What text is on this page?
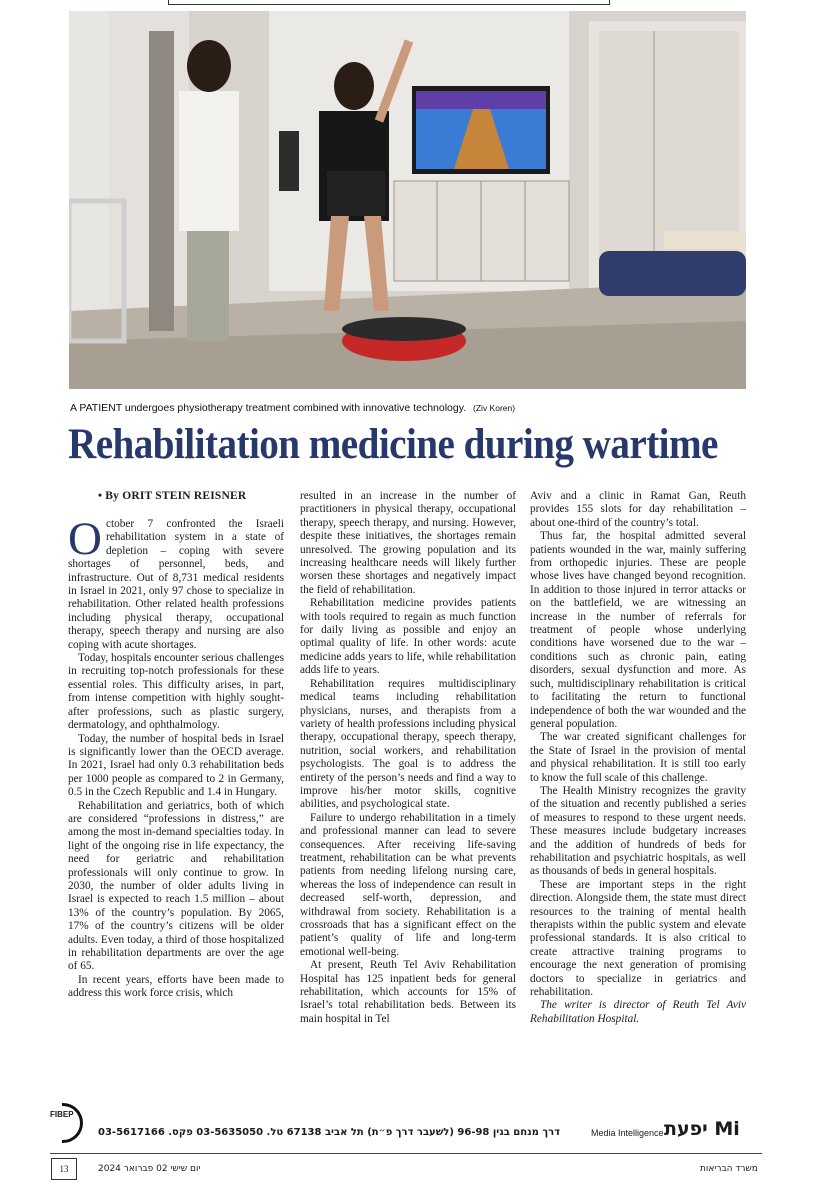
A PATIENT undergoes physiotherapy treatment combined with innovative technology. (Ziv Koren)
Rehabilitation medicine during wartime
• By ORIT STEIN REISNER

October 7 confronted the Israeli rehabilitation system in a state of depletion – coping with severe shortages of personnel, beds, and infrastructure. Out of 8,731 medical residents in Israel in 2021, only 97 chose to specialize in rehabilitation. Other related health professions including physical therapy, occupational therapy, speech therapy and nursing are also coping with acute shortages.

Today, hospitals encounter serious challenges in recruiting top-notch professionals for these essential roles. This difficulty arises, in part, from intense competition with highly sought-after professions, such as plastic surgery, dermatology, and ophthalmology.

Today, the number of hospital beds in Israel is significantly lower than the OECD average. In 2021, Israel had only 0.3 rehabilitation beds per 1000 people as compared to 2 in Germany, 0.5 in the Czech Republic and 1.4 in Hungary.

Rehabilitation and geriatrics, both of which are considered “professions in distress,” are among the most in-demand specialties today. In light of the ongoing rise in life expectancy, the need for geriatric and rehabilitation professionals will only continue to grow. In 2030, the number of older adults living in Israel is expected to reach 1.5 million – about 13% of the country’s population. By 2065, 17% of the country’s citizens will be older adults. Even today, a third of those hospitalized in rehabilitation departments are over the age of 65.

In recent years, efforts have been made to address this work force crisis, which

resulted in an increase in the number of practitioners in physical therapy, occupational therapy, speech therapy, and nursing. However, despite these initiatives, the shortages remain unresolved. The growing population and its increasing healthcare needs will likely further worsen these shortages and negatively impact the field of rehabilitation.

Rehabilitation medicine provides patients with tools required to regain as much function for daily living as possible and enjoy an optimal quality of life. In other words: acute medicine adds years to life, while rehabilitation adds life to years.

Rehabilitation requires multidisciplinary medical teams including rehabilitation physicians, nurses, and therapists from a variety of health professions including physical therapy, occupational therapy, speech therapy, nutrition, social workers, and rehabilitation psychologists. The goal is to address the entirety of the person’s needs and find a way to improve his/her motor skills, cognitive abilities, and psychological state.

Failure to undergo rehabilitation in a timely and professional manner can lead to severe consequences. After receiving life-saving treatment, rehabilitation can be what prevents patients from needing lifelong nursing care, whereas the loss of independence can result in decreased self-worth, depression, and withdrawal from society. Rehabilitation is a crossroads that has a significant effect on the patient’s quality of life and long-term emotional well-being.

At present, Reuth Tel Aviv Rehabilitation Hospital has 125 inpatient beds for general rehabilitation, which accounts for 15% of Israel’s total rehabilitation beds. Between its main hospital in Tel

Aviv and a clinic in Ramat Gan, Reuth provides 155 slots for day rehabilitation – about one-third of the country’s total.

Thus far, the hospital admitted several patients wounded in the war, mainly suffering from orthopedic injuries. These are people whose lives have changed beyond recognition. In addition to those injured in terror attacks or on the battlefield, we are witnessing an increase in the number of referrals for treatment of people whose underlying conditions have worsened due to the war – conditions such as chronic pain, eating disorders, sexual dysfunction and more. As such, multidisciplinary rehabilitation is critical to facilitating the return to functional independence of both the war wounded and the general population.

The war created significant challenges for the State of Israel in the provision of mental and physical rehabilitation. It is still too early to know the full scale of this challenge.

The Health Ministry recognizes the gravity of the situation and recently published a series of measures to respond to these urgent needs. These measures include budgetary increases and the addition of hundreds of beds for rehabilitation and psychiatric hospitals, as well as thousands of beds in general hospitals.

These are important steps in the right direction. Alongside them, the state must direct resources to the training of mental health therapists within the public system and elevate professional standards. It is also critical to create attractive training programs to encourage the next generation of promising doctors to specialize in geriatrics and rehabilitation.

The writer is director of Reuth Tel Aviv Rehabilitation Hospital.

FIBEP
דרך מנחם בגין 96-98 (לשעבר דרך פ״ת) תל אביב 67138 טל. 03-5635050 פקס. 03-5617166	Media Intelligence יפעת Mi
13	יום שישי 02 פברואר 2024	משרד הבריאות
